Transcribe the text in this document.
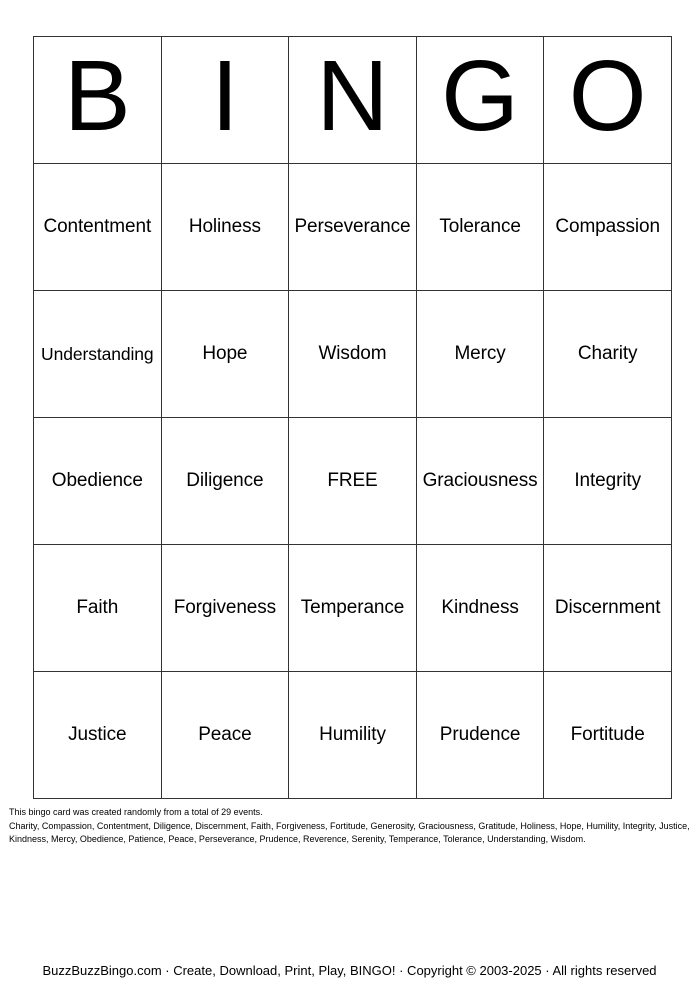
B	I	N	G	O
Contentment	Holiness	Perseverance	Tolerance	Compassion
Understanding	Hope	Wisdom	Mercy	Charity
Obedience	Diligence	FREE	Graciousness	Integrity
Faith	Forgiveness	Temperance	Kindness	Discernment
Justice	Peace	Humility	Prudence	Fortitude

This bingo card was created randomly from a total of 29 events.

Charity, Compassion, Contentment, Diligence, Discernment, Faith, Forgiveness, Fortitude, Generosity, Graciousness, Gratitude, Holiness, Hope, Humility, Integrity, Justice, Kindness, Mercy, Obedience, Patience, Peace, Perseverance, Prudence, Reverence, Serenity, Temperance, Tolerance, Understanding, Wisdom.

BuzzBuzzBingo.com · Create, Download, Print, Play, BINGO! · Copyright © 2003-2025 · All rights reserved
